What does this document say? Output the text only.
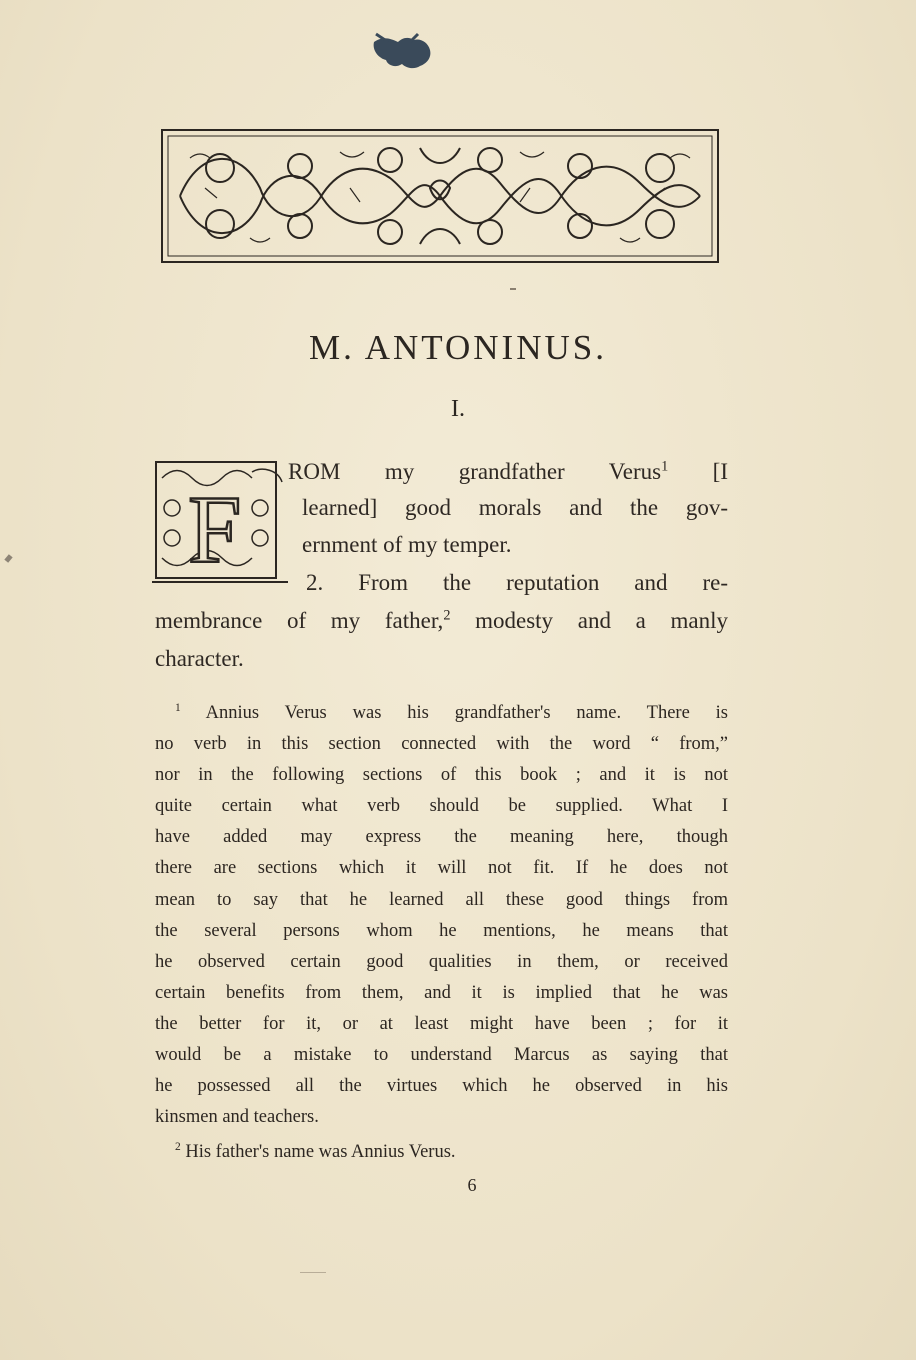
M. ANTONINUS.
I.
F
ROM my grandfather Verus$^1$ [I
learned] good morals and the gov-
ernment of my temper.
2. From the reputation and re-
membrance of my father,$^2$ modesty and a manly
character.
$^1$ Annius Verus was his grandfather's name. There is
no verb in this section connected with the word “ from,”
nor in the following sections of this book ; and it is not
quite certain what verb should be supplied. What I
have added may express the meaning here, though
there are sections which it will not fit. If he does not
mean to say that he learned all these good things from
the several persons whom he mentions, he means that
he observed certain good qualities in them, or received
certain benefits from them, and it is implied that he was
the better for it, or at least might have been ; for it
would be a mistake to understand Marcus as saying that
he possessed all the virtues which he observed in his
kinsmen and teachers.
$^2$ His father's name was Annius Verus.
6
